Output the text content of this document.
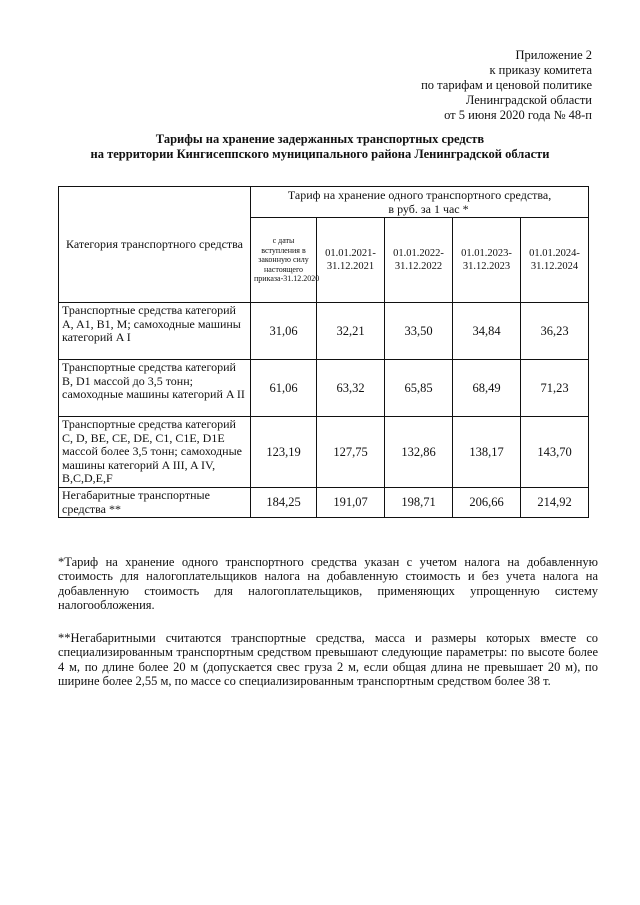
Приложение 2
к приказу комитета
по тарифам и ценовой политике
Ленинградской области
от 5 июня 2020 года № 48-п
Тарифы на хранение задержанных транспортных средств
на территории Кингисеппского муниципального района Ленинградской области
Категория транспортного средства	Тариф на хранение одного транспортного средства,
в руб. за 1 час *				

	с даты вступления в законную силу настоящего приказа-31.12.2020	01.01.2021-31.12.2021	01.01.2022-31.12.2022	01.01.2023-31.12.2023	01.01.2024-31.12.2024
Транспортные средства категорий A, A1, B1, M; самоходные машины категорий A I	31,06	32,21	33,50	34,84	36,23
Транспортные средства категорий B, D1 массой до 3,5 тонн; самоходные машины категорий A II	61,06	63,32	65,85	68,49	71,23
Транспортные средства категорий C, D, BE, CE, DE, C1, C1E, D1E массой более 3,5 тонн; самоходные машины категорий A III, A IV, B,C,D,E,F	123,19	127,75	132,86	138,17	143,70
Негабаритные транспортные средства **	184,25	191,07	198,71	206,66	214,92

*Тариф на хранение одного транспортного средства указан с учетом налога на добавленную стоимость для налогоплательщиков налога на добавленную стоимость и без учета налога на добавленную стоимость для налогоплательщиков, применяющих упрощенную систему налогообложения.

**Негабаритными считаются транспортные средства, масса и размеры которых вместе со специализированным транспортным средством превышают следующие параметры: по высоте более 4 м, по длине более 20 м (допускается свес груза 2 м, если общая длина не превышает 20 м), по ширине более 2,55 м, по массе со специализированным транспортным средством более 38 т.
